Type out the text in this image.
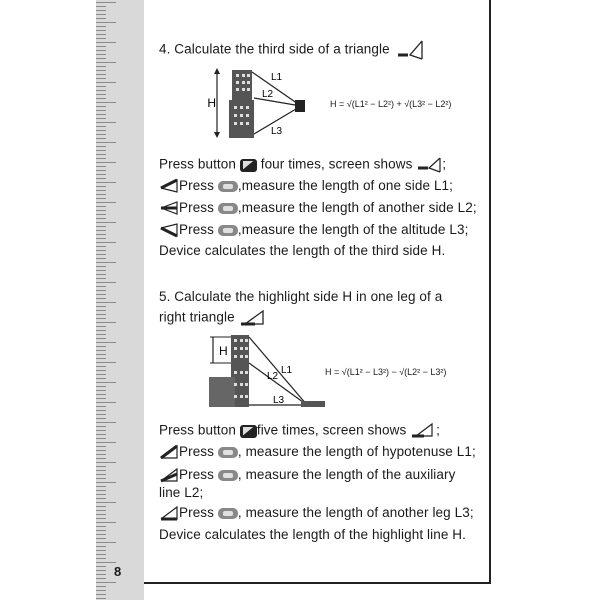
8
4. Calculate the third side of a triangle
H
L1
L2
L3
H = √(L1² − L2²) + √(L3² − L2²)
Press button four times, screen shows ;
Press ,measure the length of one side L1;
Press ,measure the length of another side L2;
Press ,measure the length of the altitude L3;
Device calculates the length of the third side H.
5. Calculate the highlight side H in one leg of a
right triangle
H
L1
L2
L3
H = √(L1² − L3²) − √(L2² − L3²)
Press button five times, screen shows ;
Press , measure the length of hypotenuse L1;
Press , measure the length of the auxiliary
line L2;
Press , measure the length of another leg L3;
Device calculates the length of the highlight line H.
